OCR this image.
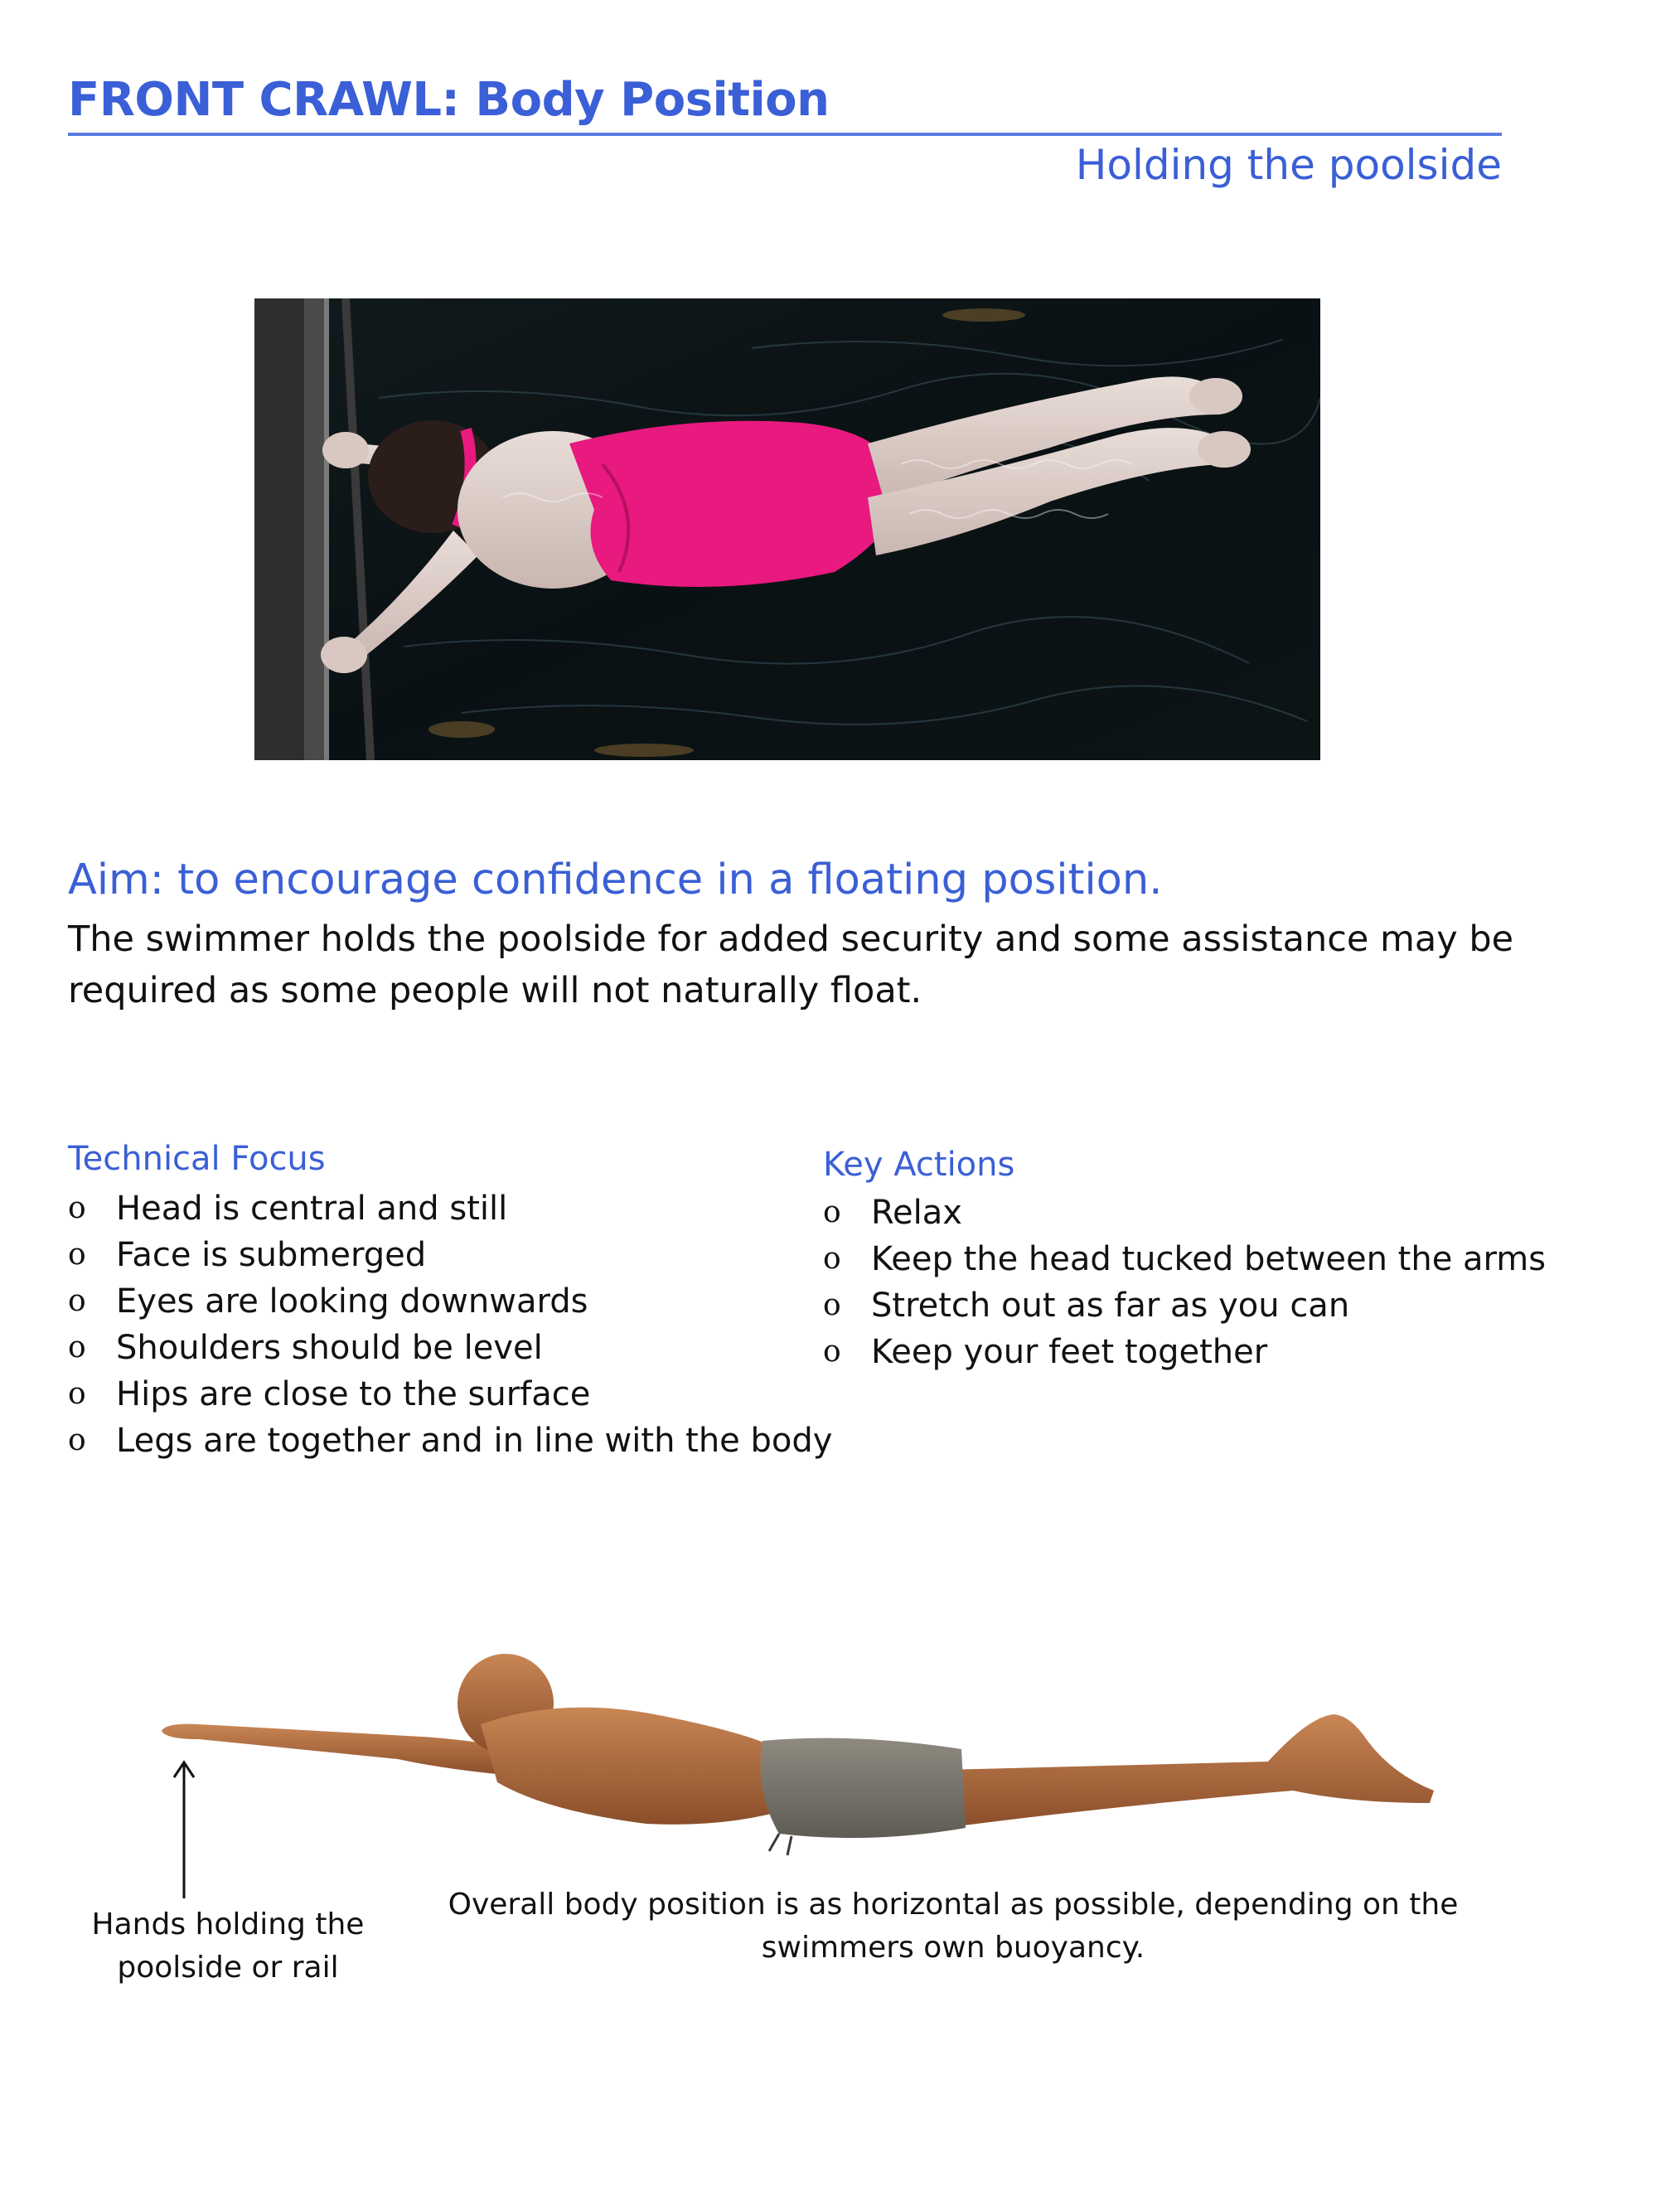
FRONT CRAWL: Body Position
Holding the poolside
Aim: to encourage confidence in a floating position.
The swimmer holds the poolside for added security and some assistance may be required as some people will not naturally float.
Technical Focus
o Head is central and still
o Face is submerged
o Eyes are looking downwards
o Shoulders should be level
o Hips are close to the surface
o Legs are together and in line with the body
Key Actions
o Relax
o Keep the head tucked between the arms
o Stretch out as far as you can
o Keep your feet together
Hands holding the poolside or rail
Overall body position is as horizontal as possible, depending on the swimmers own buoyancy.
